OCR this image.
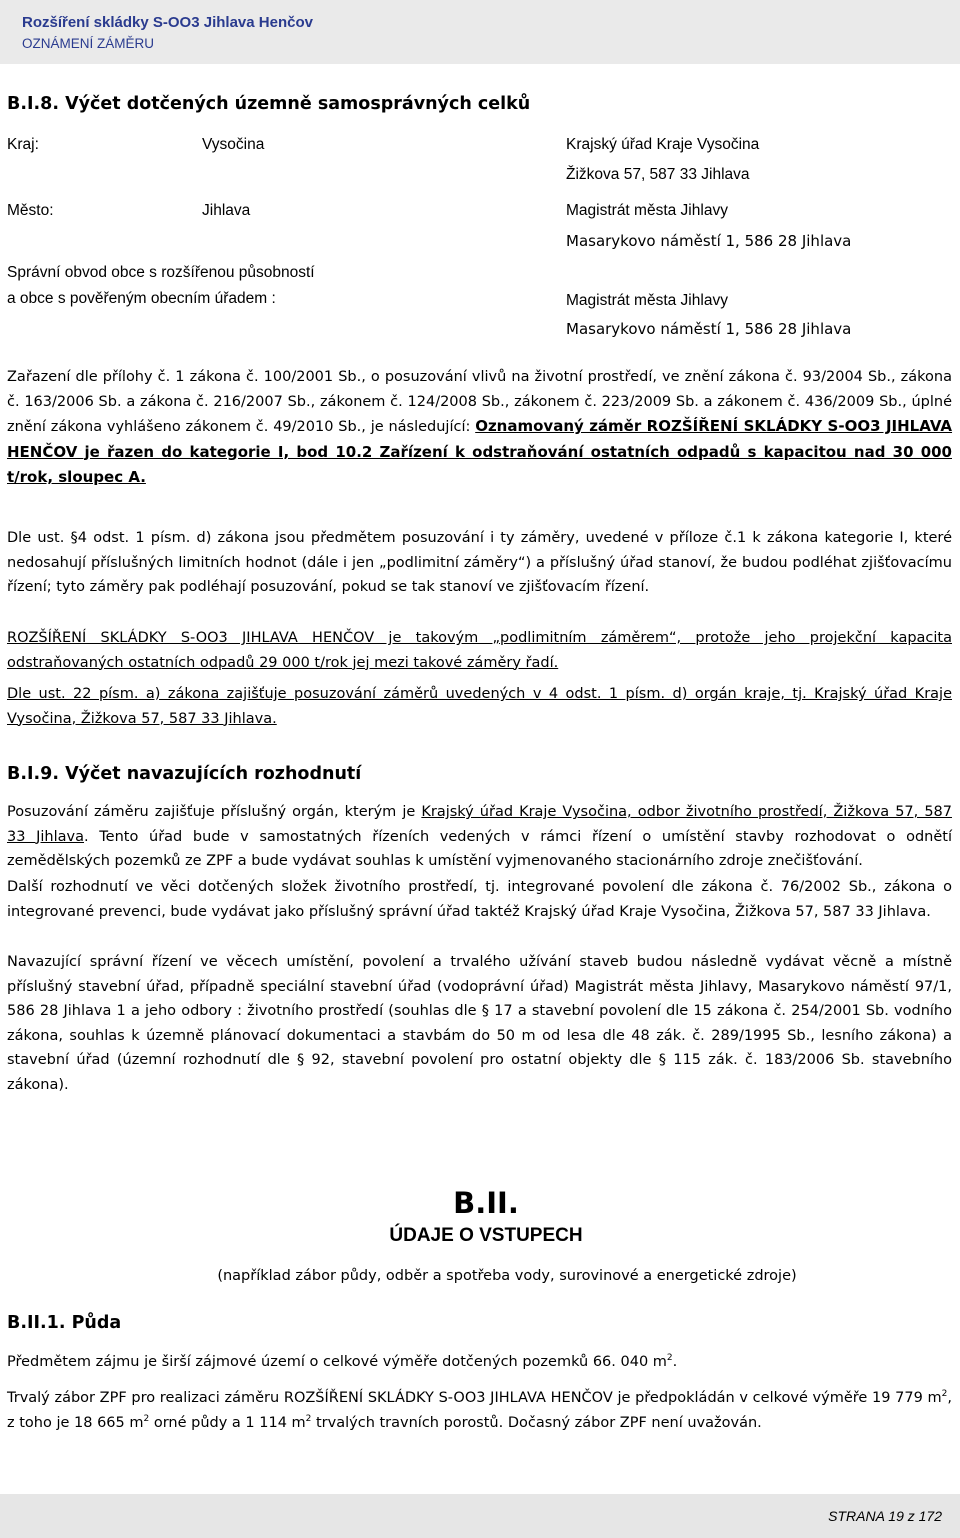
Rozšíření skládky S-OO3 Jihlava Henčov
OZNÁMENÍ ZÁMĚRU
B.I.8. Výčet dotčených územně samosprávných celků
Kraj:	Vysočina	Krajský úřad Kraje Vysočina
Žižkova 57, 587 33 Jihlava
Město:	Jihlava	Magistrát města Jihlavy
Masarykovo náměstí 1, 586 28 Jihlava
Správní obvod obce s rozšířenou působností
a obce s pověřeným obecním úřadem :	Magistrát města Jihlavy
Masarykovo náměstí 1, 586 28 Jihlava

Zařazení dle přílohy č. 1 zákona č. 100/2001 Sb., o posuzování vlivů na životní prostředí, ve znění zákona č. 93/2004 Sb., zákona č. 163/2006 Sb. a zákona č. 216/2007 Sb., zákonem č. 124/2008 Sb., zákonem č. 223/2009 Sb. a zákonem č. 436/2009 Sb., úplné znění zákona vyhlášeno zákonem č. 49/2010 Sb., je následující: Oznamovaný záměr ROZŠÍŘENÍ SKLÁDKY S-OO3 JIHLAVA HENČOV je řazen do kategorie I, bod 10.2 Zařízení k odstraňování ostatních odpadů s kapacitou nad 30 000 t/rok, sloupec A.

Dle ust. §4 odst. 1 písm. d) zákona jsou předmětem posuzování i ty záměry, uvedené v příloze č.1 k zákona kategorie I, které nedosahují příslušných limitních hodnot (dále i jen „podlimitní záměry“) a příslušný úřad stanoví, že budou podléhat zjišťovacímu řízení; tyto záměry pak podléhají posuzování, pokud se tak stanoví ve zjišťovacím řízení.

ROZŠÍŘENÍ SKLÁDKY S-OO3 JIHLAVA HENČOV je takovým „podlimitním záměrem“, protože jeho projekční kapacita odstraňovaných ostatních odpadů 29 000 t/rok jej mezi takové záměry řadí.

Dle ust. 22 písm. a) zákona zajišťuje posuzování záměrů uvedených v 4 odst. 1 písm. d) orgán kraje, tj. Krajský úřad Kraje Vysočina, Žižkova 57, 587 33 Jihlava.

B.I.9. Výčet navazujících rozhodnutí

Posuzování záměru zajišťuje příslušný orgán, kterým je Krajský úřad Kraje Vysočina, odbor životního prostředí, Žižkova 57, 587 33 Jihlava. Tento úřad bude v samostatných řízeních vedených v rámci řízení o umístění stavby rozhodovat o odnětí zemědělských pozemků ze ZPF a bude vydávat souhlas k umístění vyjmenovaného stacionárního zdroje znečišťování.

Další rozhodnutí ve věci dotčených složek životního prostředí, tj. integrované povolení dle zákona č. 76/2002 Sb., zákona o integrované prevenci, bude vydávat jako příslušný správní úřad taktéž Krajský úřad Kraje Vysočina, Žižkova 57, 587 33 Jihlava.

Navazující správní řízení ve věcech umístění, povolení a trvalého užívání staveb budou následně vydávat věcně a místně příslušný stavební úřad, případně speciální stavební úřad (vodoprávní úřad) Magistrát města Jihlavy, Masarykovo náměstí 97/1, 586 28 Jihlava 1 a jeho odbory : životního prostředí (souhlas dle § 17 a stavební povolení dle 15 zákona č. 254/2001 Sb. vodního zákona, souhlas k územně plánovací dokumentaci a stavbám do 50 m od lesa dle 48 zák. č. 289/1995 Sb., lesního zákona) a stavební úřad (územní rozhodnutí dle § 92, stavební povolení pro ostatní objekty dle § 115 zák. č. 183/2006 Sb. stavebního zákona).

B.II.
ÚDAJE O VSTUPECH
(například zábor půdy, odběr a spotřeba vody, surovinové a energetické zdroje)
B.II.1. Půda

Předmětem zájmu je širší zájmové území o celkové výměře dotčených pozemků 66. 040 $m^2$.

Trvalý zábor ZPF pro realizaci záměru ROZŠÍŘENÍ SKLÁDKY S-OO3 JIHLAVA HENČOV je předpokládán v celkové výměře 19 779 $m^2$, z toho je 18 665 $m^2$ orné půdy a 1 114 $m^2$ trvalých travních porostů. Dočasný zábor ZPF není uvažován.

STRANA 19 z 172
